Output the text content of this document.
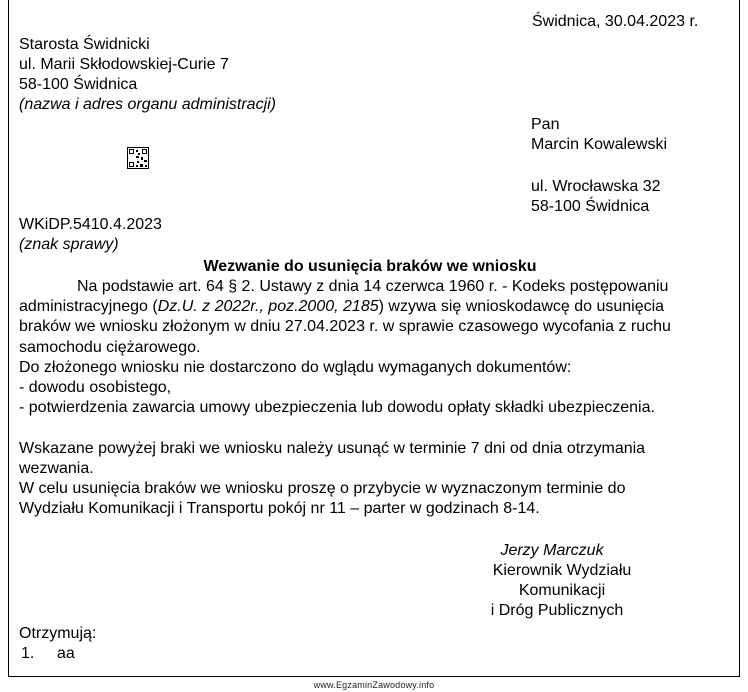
Świdnica, 30.04.2023 r.
Starosta Świdnicki
ul. Marii Skłodowskiej-Curie 7
58-100 Świdnica
(nazwa i adres organu administracji)
Pan
Marcin Kowalewski
ul. Wrocławska 32
58-100 Świdnica
WKiDP.5410.4.2023
(znak sprawy)
Wezwanie do usunięcia braków we wniosku
Na podstawie art. 64 § 2. Ustawy z dnia 14 czerwca 1960 r. - Kodeks postępowaniu
administracyjnego (Dz.U. z 2022r., poz.2000, 2185) wzywa się wnioskodawcę do usunięcia
braków we wniosku złożonym w dniu 27.04.2023 r. w sprawie czasowego wycofania z ruchu
samochodu ciężarowego.
Do złożonego wniosku nie dostarczono do wglądu wymaganych dokumentów:
- dowodu osobistego,
- potwierdzenia zawarcia umowy ubezpieczenia lub dowodu opłaty składki ubezpieczenia.
Wskazane powyżej braki we wniosku należy usunąć w terminie 7 dni od dnia otrzymania
wezwania.
W celu usunięcia braków we wniosku proszę o przybycie w wyznaczonym terminie do
Wydziału Komunikacji i Transportu pokój nr 11 – parter w godzinach 8-14.
Jerzy Marczuk
Kierownik Wydziału
Komunikacji
i Dróg Publicznych
Otrzymują:
1. aa
www.EgzaminZawodowy.info
